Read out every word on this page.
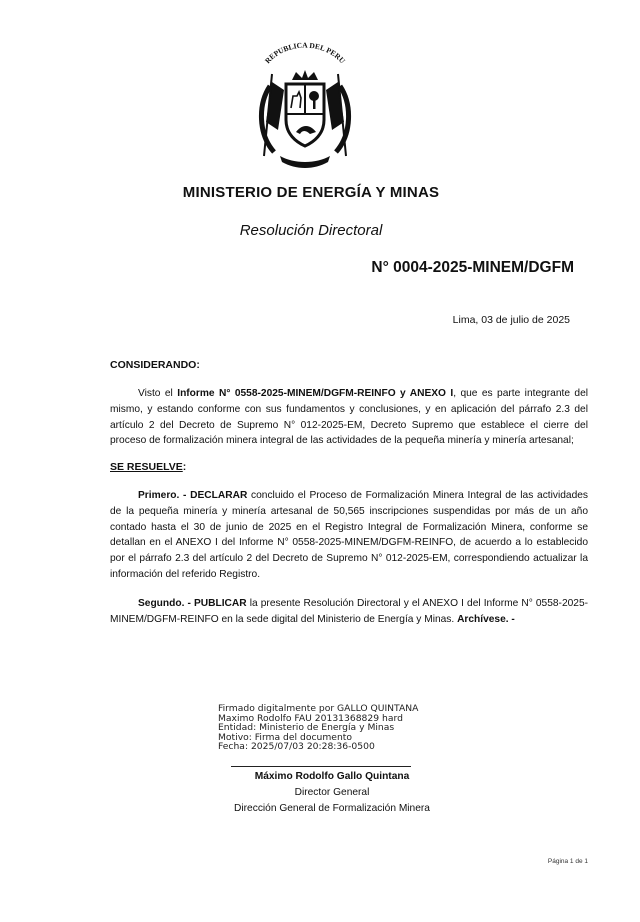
REPUBLICA DEL PERU
MINISTERIO DE ENERGÍA Y MINAS
Resolución Directoral
N° 0004-2025-MINEM/DGFM
Lima, 03 de julio de 2025
CONSIDERANDO:
Visto el Informe N° 0558-2025-MINEM/DGFM-REINFO y ANEXO I, que es parte integrante del mismo, y estando conforme con sus fundamentos y conclusiones, y en aplicación del párrafo 2.3 del artículo 2 del Decreto de Supremo N° 012-2025-EM, Decreto Supremo que establece el cierre del proceso de formalización minera integral de las actividades de la pequeña minería y minería artesanal;
SE RESUELVE:
Primero. - DECLARAR concluido el Proceso de Formalización Minera Integral de las actividades de la pequeña minería y minería artesanal de 50,565 inscripciones suspendidas por más de un año contado hasta el 30 de junio de 2025 en el Registro Integral de Formalización Minera, conforme se detallan en el ANEXO I del Informe N° 0558-2025-MINEM/DGFM-REINFO, de acuerdo a lo establecido por el párrafo 2.3 del artículo 2 del Decreto de Supremo N° 012-2025-EM, correspondiendo actualizar la información del referido Registro.
Segundo. - PUBLICAR la presente Resolución Directoral y el ANEXO I del Informe N° 0558-2025-MINEM/DGFM-REINFO en la sede digital del Ministerio de Energía y Minas. Archívese. -
Firmado digitalmente por GALLO QUINTANA
Maximo Rodolfo FAU 20131368829 hard
Entidad: Ministerio de Energía y Minas
Motivo: Firma del documento
Fecha: 2025/07/03 20:28:36-0500
Máximo Rodolfo Gallo Quintana
Director General
Dirección General de Formalización Minera
Página 1 de 1
